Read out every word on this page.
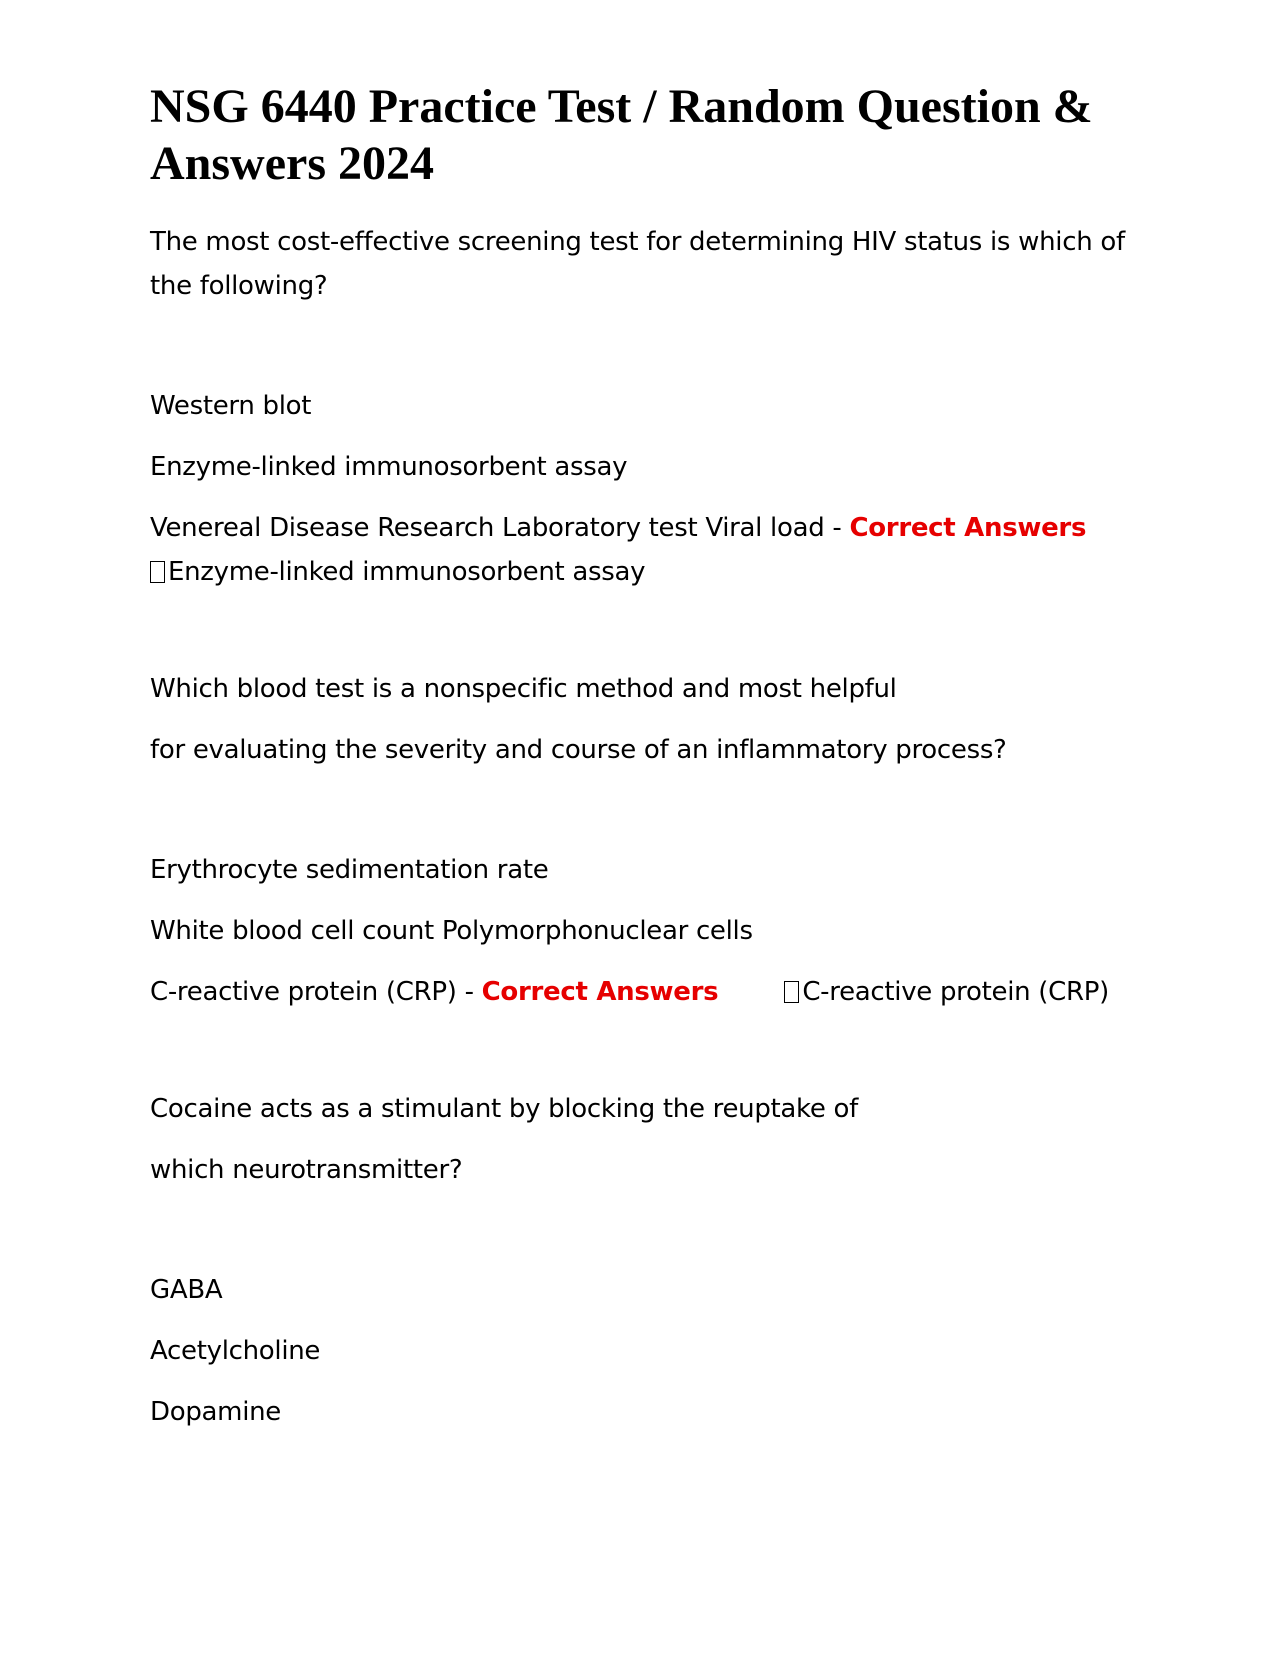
NSG 6440 Practice Test / Random Question & Answers 2024

The most cost-effective screening test for determining HIV status is which of the following?

Western blot

Enzyme-linked immunosorbent assay

Venereal Disease Research Laboratory test Viral load - Correct Answers
Enzyme-linked immunosorbent assay

Which blood test is a nonspecific method and most helpful

for evaluating the severity and course of an inflammatory process?

Erythrocyte sedimentation rate

White blood cell count Polymorphonuclear cells

C-reactive protein (CRP) - Correct Answers	C-reactive protein (CRP)

Cocaine acts as a stimulant by blocking the reuptake of

which neurotransmitter?

GABA

Acetylcholine

Dopamine
